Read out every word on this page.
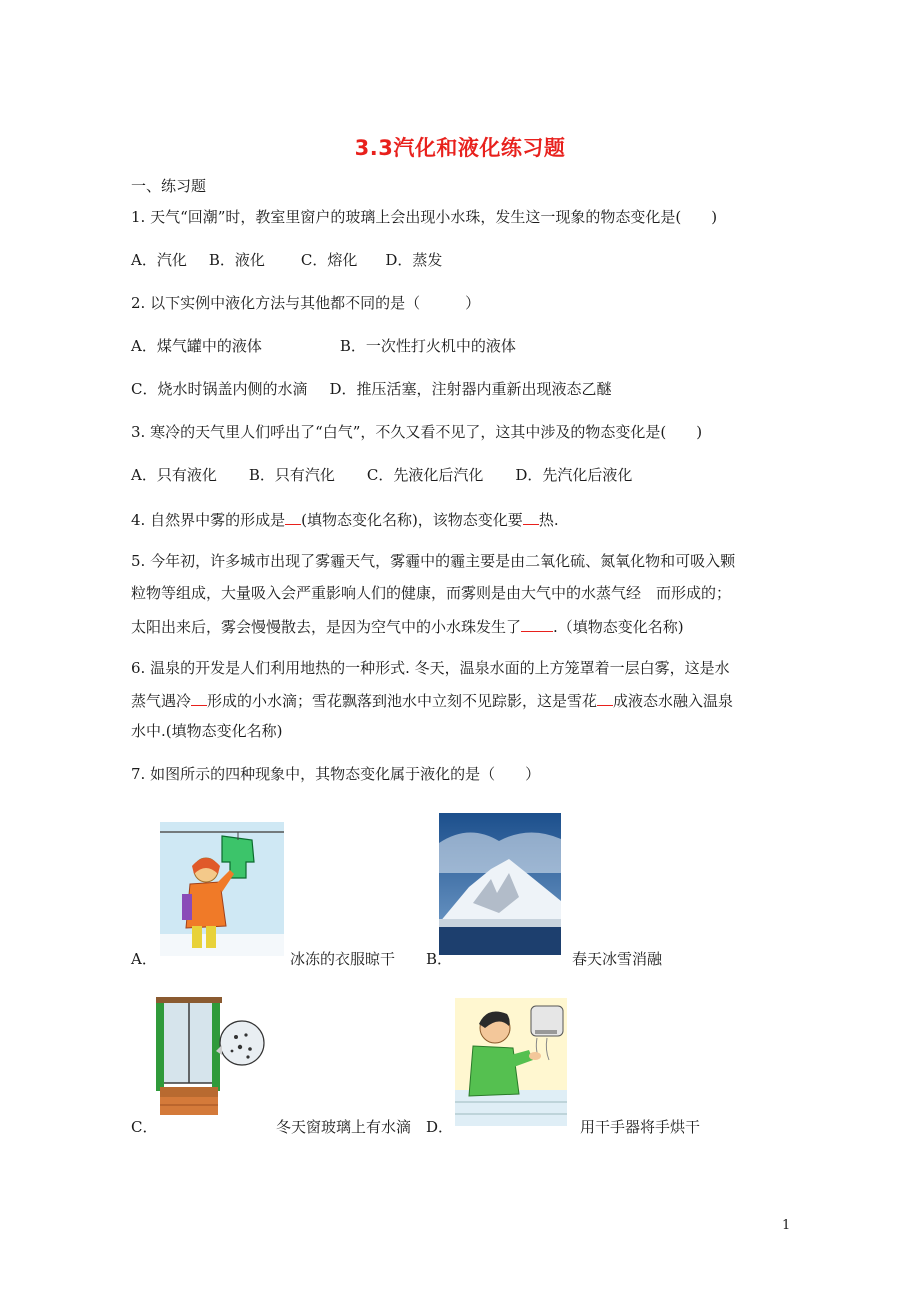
3.3汽化和液化练习题
一、练习题
1. 天气“回潮”时，教室里窗户的玻璃上会出现小水珠，发生这一现象的物态变化是(　　)
A．汽化 B．液化 C．熔化 D．蒸发
2. 以下实例中液化方法与其他都不同的是（　　　）
A．煤气罐中的液体	B．一次性打火机中的液体
C．烧水时锅盖内侧的水滴 D．推压活塞，注射器内重新出现液态乙醚
3. 寒冷的天气里人们呼出了“白气”，不久又看不见了，这其中涉及的物态变化是(　　)
A．只有液化 B．只有汽化 C．先液化后汽化 D．先汽化后液化
4. 自然界中雾的形成是 (填物态变化名称)，该物态变化要 热.
5. 今年初，许多城市出现了雾霾天气，雾霾中的霾主要是由二氧化硫、氮氧化物和可吸入颗
粒物等组成，大量吸入会严重影响人们的健康，而雾则是由大气中的水蒸气经　而形成的；
太阳出来后，雾会慢慢散去，是因为空气中的小水珠发生了 .（填物态变化名称)
6. 温泉的开发是人们利用地热的一种形式. 冬天，温泉水面的上方笼罩着一层白雾，这是水
蒸气遇冷 形成的小水滴；雪花飘落到池水中立刻不见踪影，这是雪花 成液态水融入温泉
水中.(填物态变化名称)
7. 如图所示的四种现象中，其物态变化属于液化的是（　　）
A．	冰冻的衣服晾干 B．	春天冰雪消融
C．	冬天窗玻璃上有水滴 D．	用干手器将手烘干
1
